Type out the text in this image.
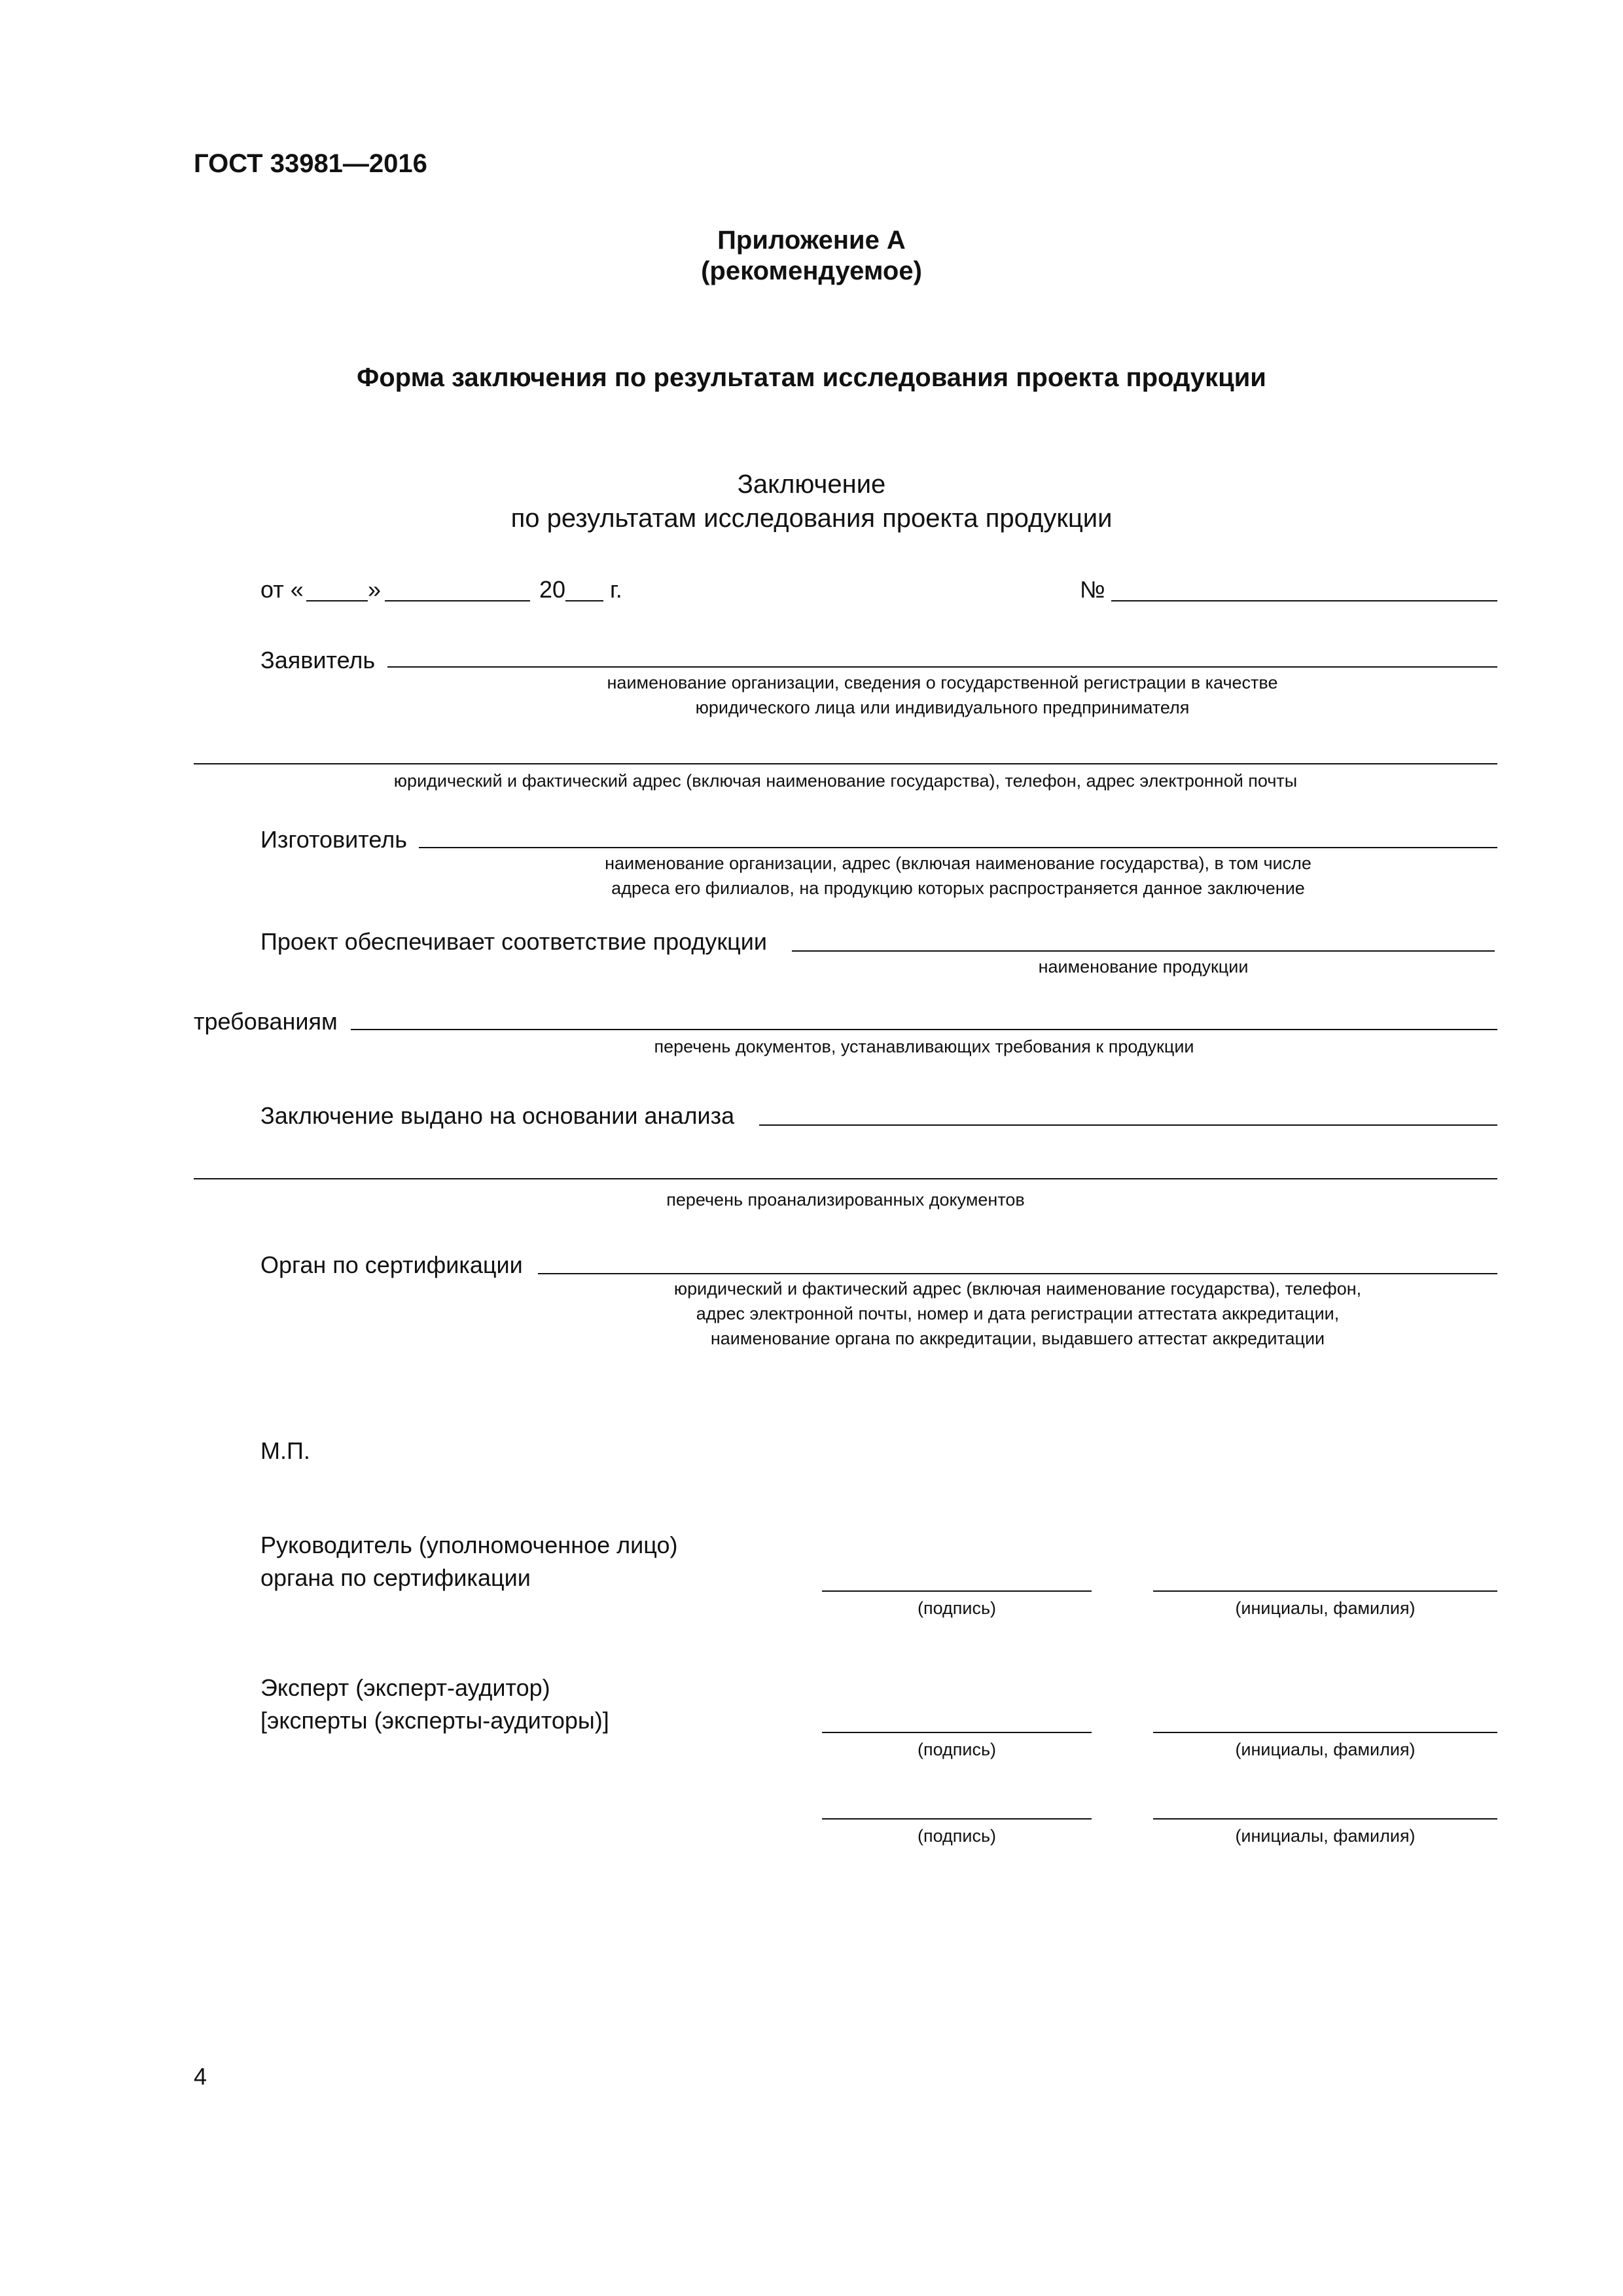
ГОСТ 33981—2016
Приложение А
(рекомендуемое)
Форма заключения по результатам исследования проекта продукции
Заключение
по результатам исследования проекта продукции
от «	»	20 г.	№
Заявитель
наименование организации, сведения о государственной регистрации в качестве
юридического лица или индивидуального предпринимателя
юридический и фактический адрес (включая наименование государства), телефон, адрес электронной почты
Изготовитель
наименование организации, адрес (включая наименование государства), в том числе
адреса его филиалов, на продукцию которых распространяется данное заключение
Проект обеспечивает соответствие продукции
наименование продукции
требованиям
перечень документов, устанавливающих требования к продукции
Заключение выдано на основании анализа
перечень проанализированных документов
Орган по сертификации
юридический и фактический адрес (включая наименование государства), телефон,
адрес электронной почты, номер и дата регистрации аттестата аккредитации,
наименование органа по аккредитации, выдавшего аттестат аккредитации
М.П.
Руководитель (уполномоченное лицо)
органа по сертификации
(подпись)	(инициалы, фамилия)
Эксперт (эксперт-аудитор)
[эксперты (эксперты-аудиторы)]
(подпись)	(инициалы, фамилия)
(подпись)	(инициалы, фамилия)
4
